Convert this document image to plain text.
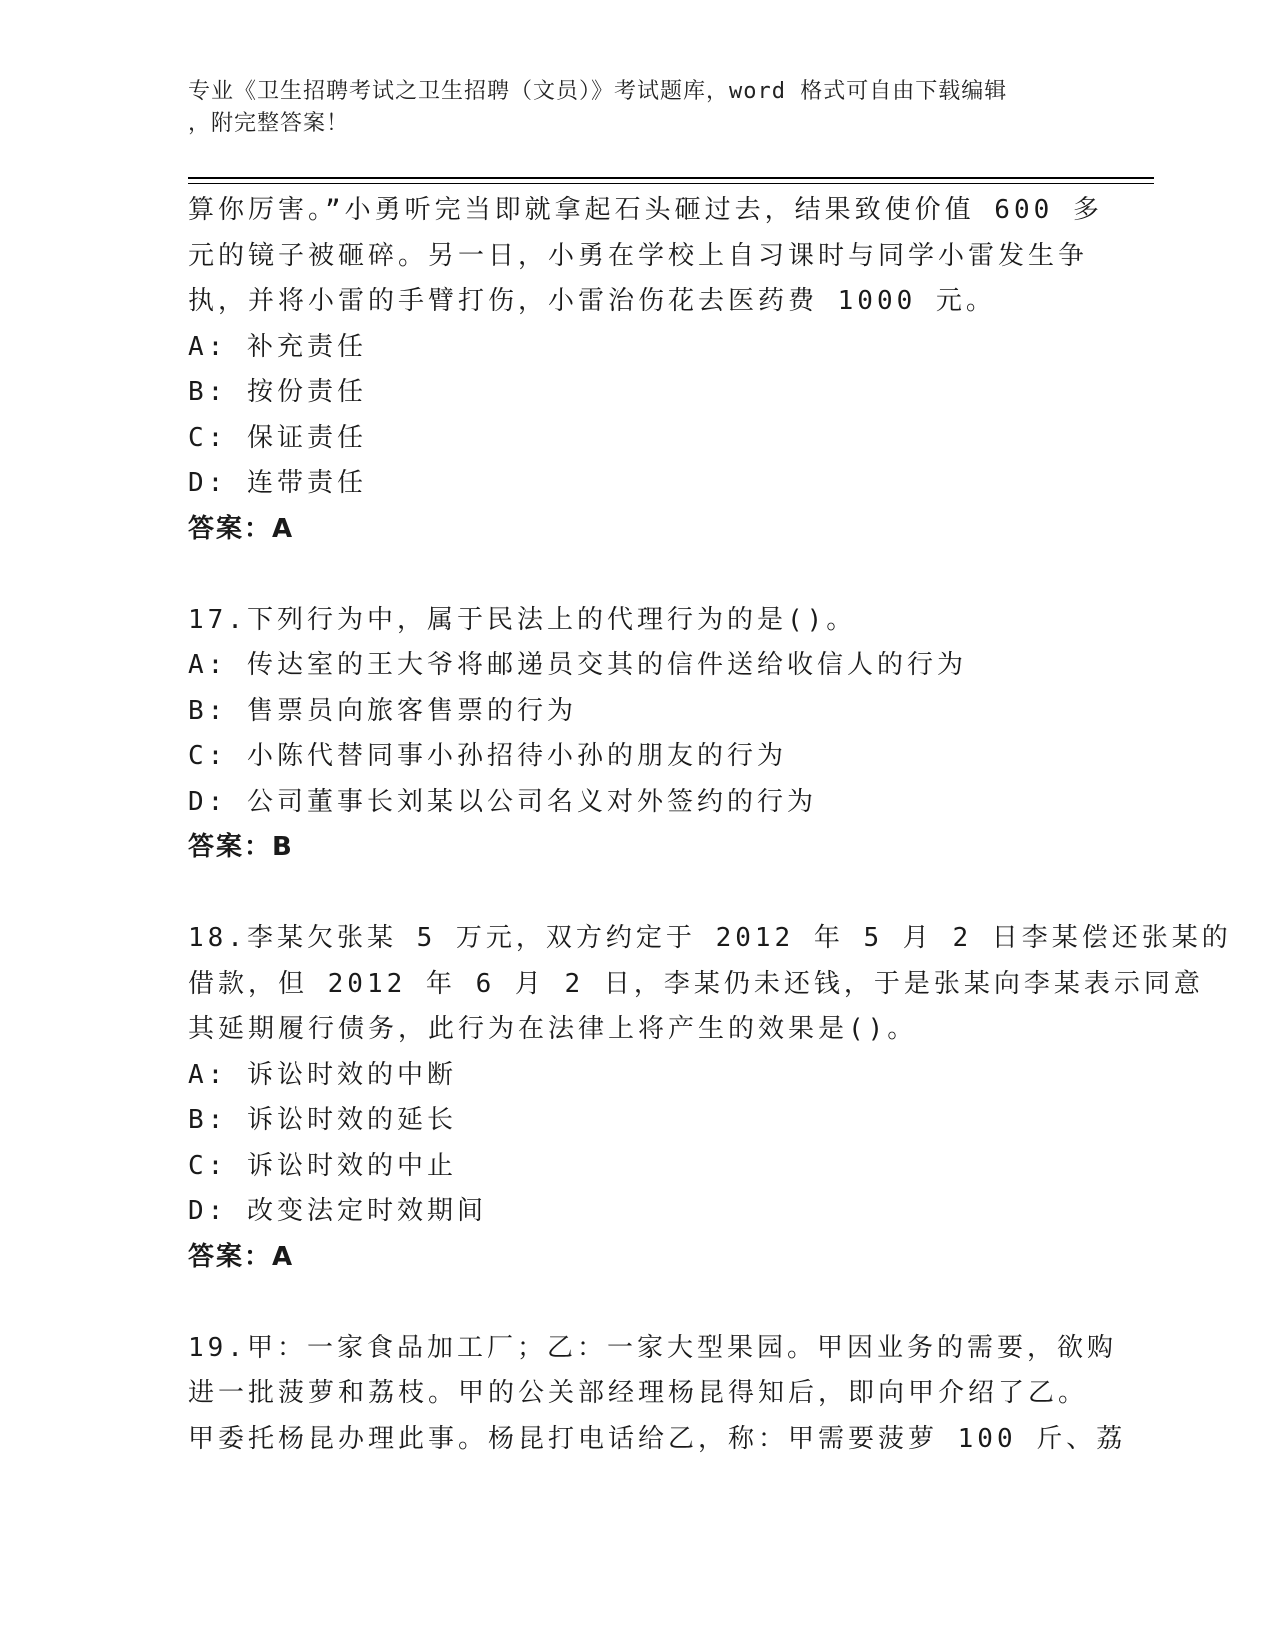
专业《卫生招聘考试之卫生招聘（文员）》考试题库，word 格式可自由下载编辑
，附完整答案！
算你厉害。”小勇听完当即就拿起石头砸过去，结果致使价值 600 多
元的镜子被砸碎。另一日，小勇在学校上自习课时与同学小雷发生争
执，并将小雷的手臂打伤，小雷治伤花去医药费 1000 元。
A: 补充责任
B: 按份责任
C: 保证责任
D: 连带责任
答案：A
17.下列行为中，属于民法上的代理行为的是()。
A: 传达室的王大爷将邮递员交其的信件送给收信人的行为
B: 售票员向旅客售票的行为
C: 小陈代替同事小孙招待小孙的朋友的行为
D: 公司董事长刘某以公司名义对外签约的行为
答案：B
18.李某欠张某 5 万元，双方约定于 2012 年 5 月 2 日李某偿还张某的
借款，但 2012 年 6 月 2 日，李某仍未还钱，于是张某向李某表示同意
其延期履行债务，此行为在法律上将产生的效果是()。
A: 诉讼时效的中断
B: 诉讼时效的延长
C: 诉讼时效的中止
D: 改变法定时效期间
答案：A
19.甲：一家食品加工厂；乙：一家大型果园。甲因业务的需要，欲购
进一批菠萝和荔枝。甲的公关部经理杨昆得知后，即向甲介绍了乙。
甲委托杨昆办理此事。杨昆打电话给乙，称：甲需要菠萝 100 斤、荔
